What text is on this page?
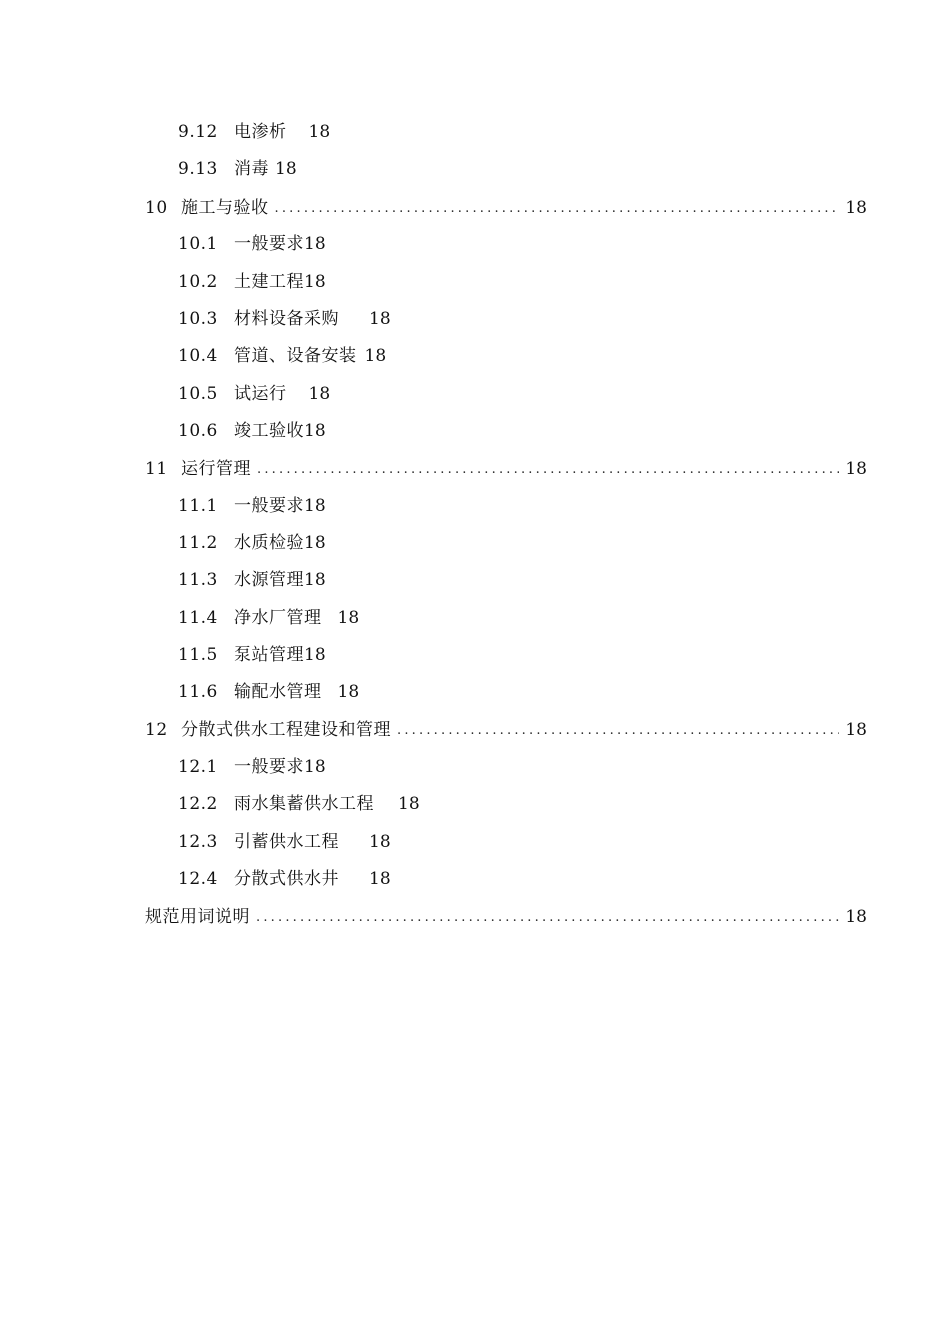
9.12 电渗析 18
9.13 消毒 18
10 施工与验收 .....	18
10.1 一般要求18
10.2 土建工程18
10.3 材料设备采购 18
10.4 管道、设备安装 18
10.5 试运行 18
10.6 竣工验收18
11 运行管理 .....	18
11.1 一般要求18
11.2 水质检验18
11.3 水源管理18
11.4 净水厂管理 18
11.5 泵站管理18
11.6 输配水管理 18
12 分散式供水工程建设和管理 .....	18
12.1 一般要求18
12.2 雨水集蓄供水工程 18
12.3 引蓄供水工程 18
12.4 分散式供水井 18
规范用词说明 .....	18
